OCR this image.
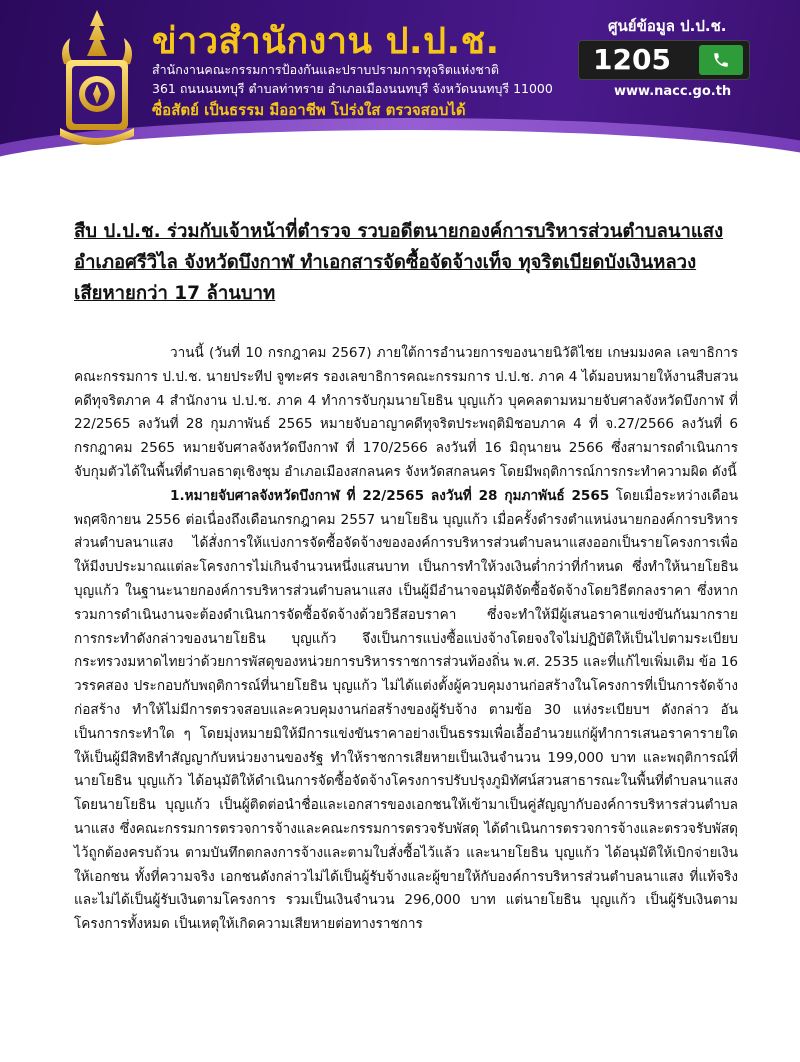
ข่าวสำนักงาน ป.ป.ช.
สำนักงานคณะกรรมการป้องกันและปราบปรามการทุจริตแห่งชาติ
361 ถนนนนทบุรี ตำบลท่าทราย อำเภอเมืองนนทบุรี จังหวัดนนทบุรี 11000
ซื่อสัตย์ เป็นธรรม มืออาชีพ โปร่งใส ตรวจสอบได้
ศูนย์ข้อมูล ป.ป.ช.
1205
www.nacc.go.th
สืบ ป.ป.ช. ร่วมกับเจ้าหน้าที่ตำรวจ รวบอดีตนายกองค์การบริหารส่วนตำบลนาแสง
อำเภอศรีวิไล จังหวัดบึงกาฬ ทำเอกสารจัดซื้อจัดจ้างเท็จ ทุจริตเบียดบังเงินหลวง
เสียหายกว่า 17 ล้านบาท

วานนี้ (วันที่ 10 กรกฎาคม 2567) ภายใต้การอำนวยการของนายนิวัติไชย เกษมมงคล เลขาธิการคณะกรรมการ ป.ป.ช. นายประทีป จูฑะศร รองเลขาธิการคณะกรรมการ ป.ป.ช. ภาค 4 ได้มอบหมายให้งานสืบสวนคดีทุจริตภาค 4 สำนักงาน ป.ป.ช. ภาค 4 ทำการจับกุมนายโยธิน บุญแก้ว บุคคลตามหมายจับศาลจังหวัดบึงกาฬ ที่ 22/2565 ลงวันที่ 28 กุมภาพันธ์ 2565 หมายจับอาญาคดีทุจริตประพฤติมิชอบภาค 4 ที่ จ.27/2566 ลงวันที่ 6 กรกฎาคม 2565 หมายจับศาลจังหวัดบึงกาฬ ที่ 170/2566 ลงวันที่ 16 มิถุนายน 2566 ซึ่งสามารถดำเนินการจับกุมตัวได้ในพื้นที่ตำบลธาตุเชิงชุม อำเภอเมืองสกลนคร จังหวัดสกลนคร โดยมีพฤติการณ์การกระทำความผิด ดังนี้

1.หมายจับศาลจังหวัดบึงกาฬ ที่ 22/2565 ลงวันที่ 28 กุมภาพันธ์ 2565 โดยเมื่อระหว่างเดือนพฤศจิกายน 2556 ต่อเนื่องถึงเดือนกรกฎาคม 2557 นายโยธิน บุญแก้ว เมื่อครั้งดำรงตำแหน่งนายกองค์การบริหารส่วนตำบลนาแสง ได้สั่งการให้แบ่งการจัดซื้อจัดจ้างขององค์การบริหารส่วนตำบลนาแสงออกเป็นรายโครงการเพื่อให้มีงบประมาณแต่ละโครงการไม่เกินจำนวนหนึ่งแสนบาท เป็นการทำให้วงเงินต่ำกว่าที่กำหนด ซึ่งทำให้นายโยธิน บุญแก้ว ในฐานะนายกองค์การบริหารส่วนตำบลนาแสง เป็นผู้มีอำนาจอนุมัติจัดซื้อจัดจ้างโดยวิธีตกลงราคา ซึ่งหากรวมการดำเนินงานจะต้องดำเนินการจัดซื้อจัดจ้างด้วยวิธีสอบราคา ซึ่งจะทำให้มีผู้เสนอราคาแข่งขันกันมากราย การกระทำดังกล่าวของนายโยธิน บุญแก้ว จึงเป็นการแบ่งซื้อแบ่งจ้างโดยจงใจไม่ปฏิบัติให้เป็นไปตามระเบียบกระทรวงมหาดไทยว่าด้วยการพัสดุของหน่วยการบริหารราชการส่วนท้องถิ่น พ.ศ. 2535 และที่แก้ไขเพิ่มเติม ข้อ 16 วรรคสอง ประกอบกับพฤติการณ์ที่นายโยธิน บุญแก้ว ไม่ได้แต่งตั้งผู้ควบคุมงานก่อสร้างในโครงการที่เป็นการจัดจ้างก่อสร้าง ทำให้ไม่มีการตรวจสอบและควบคุมงานก่อสร้างของผู้รับจ้าง ตามข้อ 30 แห่งระเบียบฯ ดังกล่าว อันเป็นการกระทำใด ๆ โดยมุ่งหมายมิให้มีการแข่งขันราคาอย่างเป็นธรรมเพื่อเอื้ออำนวยแก่ผู้ทำการเสนอราคารายใดให้เป็นผู้มีสิทธิทำสัญญากับหน่วยงานของรัฐ ทำให้ราชการเสียหายเป็นเงินจำนวน 199,000 บาท และพฤติการณ์ที่นายโยธิน บุญแก้ว ได้อนุมัติให้ดำเนินการจัดซื้อจัดจ้างโครงการปรับปรุงภูมิทัศน์สวนสาธารณะในพื้นที่ตำบลนาแสง โดยนายโยธิน บุญแก้ว เป็นผู้ติดต่อนำชื่อและเอกสารของเอกชนให้เข้ามาเป็นคู่สัญญากับองค์การบริหารส่วนตำบลนาแสง ซึ่งคณะกรรมการตรวจการจ้างและคณะกรรมการตรวจรับพัสดุ ได้ดำเนินการตรวจการจ้างและตรวจรับพัสดุไว้ถูกต้องครบถ้วน ตามบันทึกตกลงการจ้างและตามใบสั่งซื้อไว้แล้ว และนายโยธิน บุญแก้ว ได้อนุมัติให้เบิกจ่ายเงินให้เอกชน ทั้งที่ความจริง เอกชนดังกล่าวไม่ได้เป็นผู้รับจ้างและผู้ขายให้กับองค์การบริหารส่วนตำบลนาแสง ที่แท้จริง และไม่ได้เป็นผู้รับเงินตามโครงการ รวมเป็นเงินจำนวน 296,000 บาท แต่นายโยธิน บุญแก้ว เป็นผู้รับเงินตามโครงการทั้งหมด เป็นเหตุให้เกิดความเสียหายต่อทางราชการ
